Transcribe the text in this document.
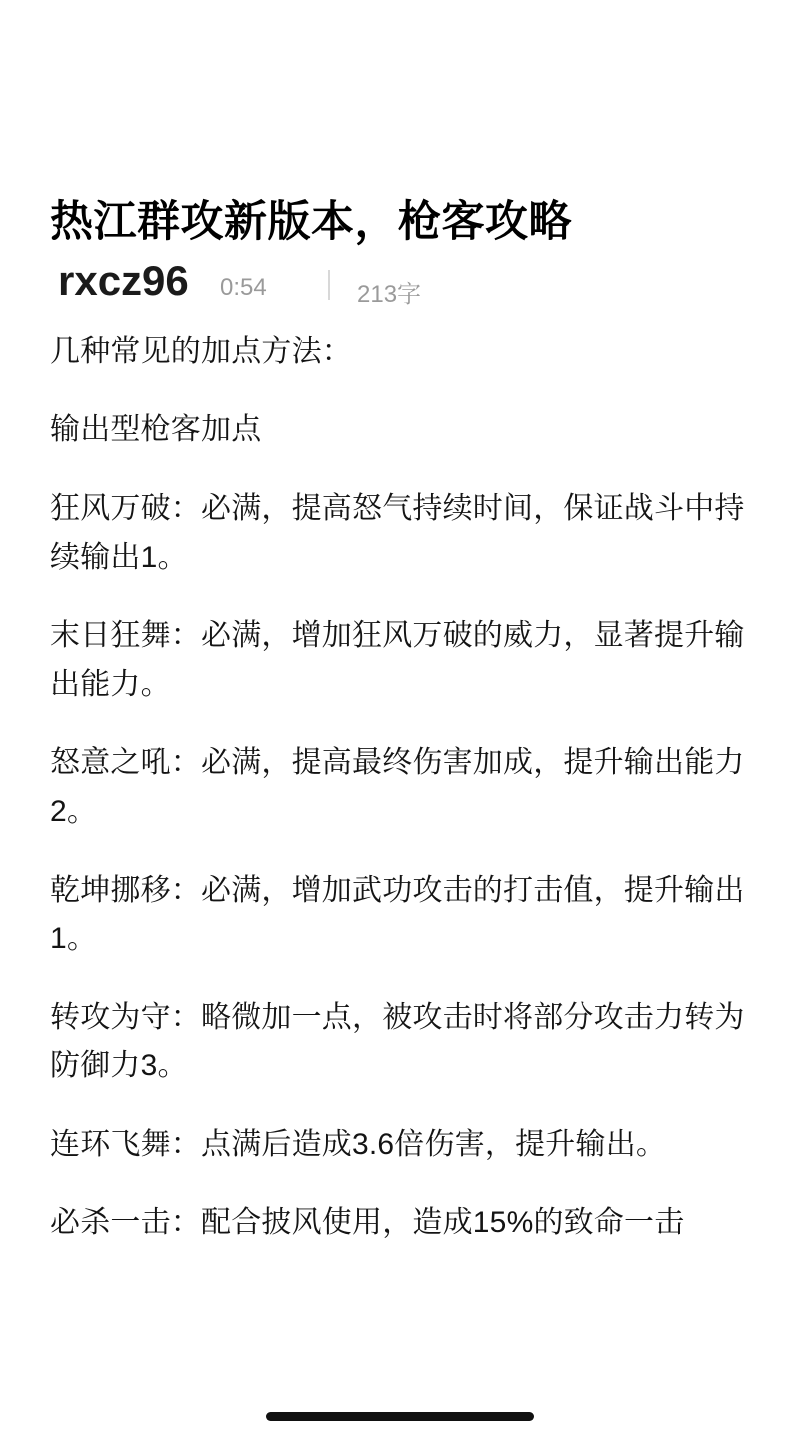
热江群攻新版本，枪客攻略
0:54	213字
rxcz96

几种常见的加点方法：

输出型枪客加点

狂风万破：必满，提高怒气持续时间，保证战斗中持续输出1。

末日狂舞：必满，增加狂风万破的威力，显著提升输出能力。

怒意之吼：必满，提高最终伤害加成，提升输出能力2。

乾坤挪移：必满，增加武功攻击的打击值，提升输出1。

转攻为守：略微加一点，被攻击时将部分攻击力转为防御力3。

连环飞舞：点满后造成3.6倍伤害，提升输出。

必杀一击：配合披风使用，造成15%的致命一击
